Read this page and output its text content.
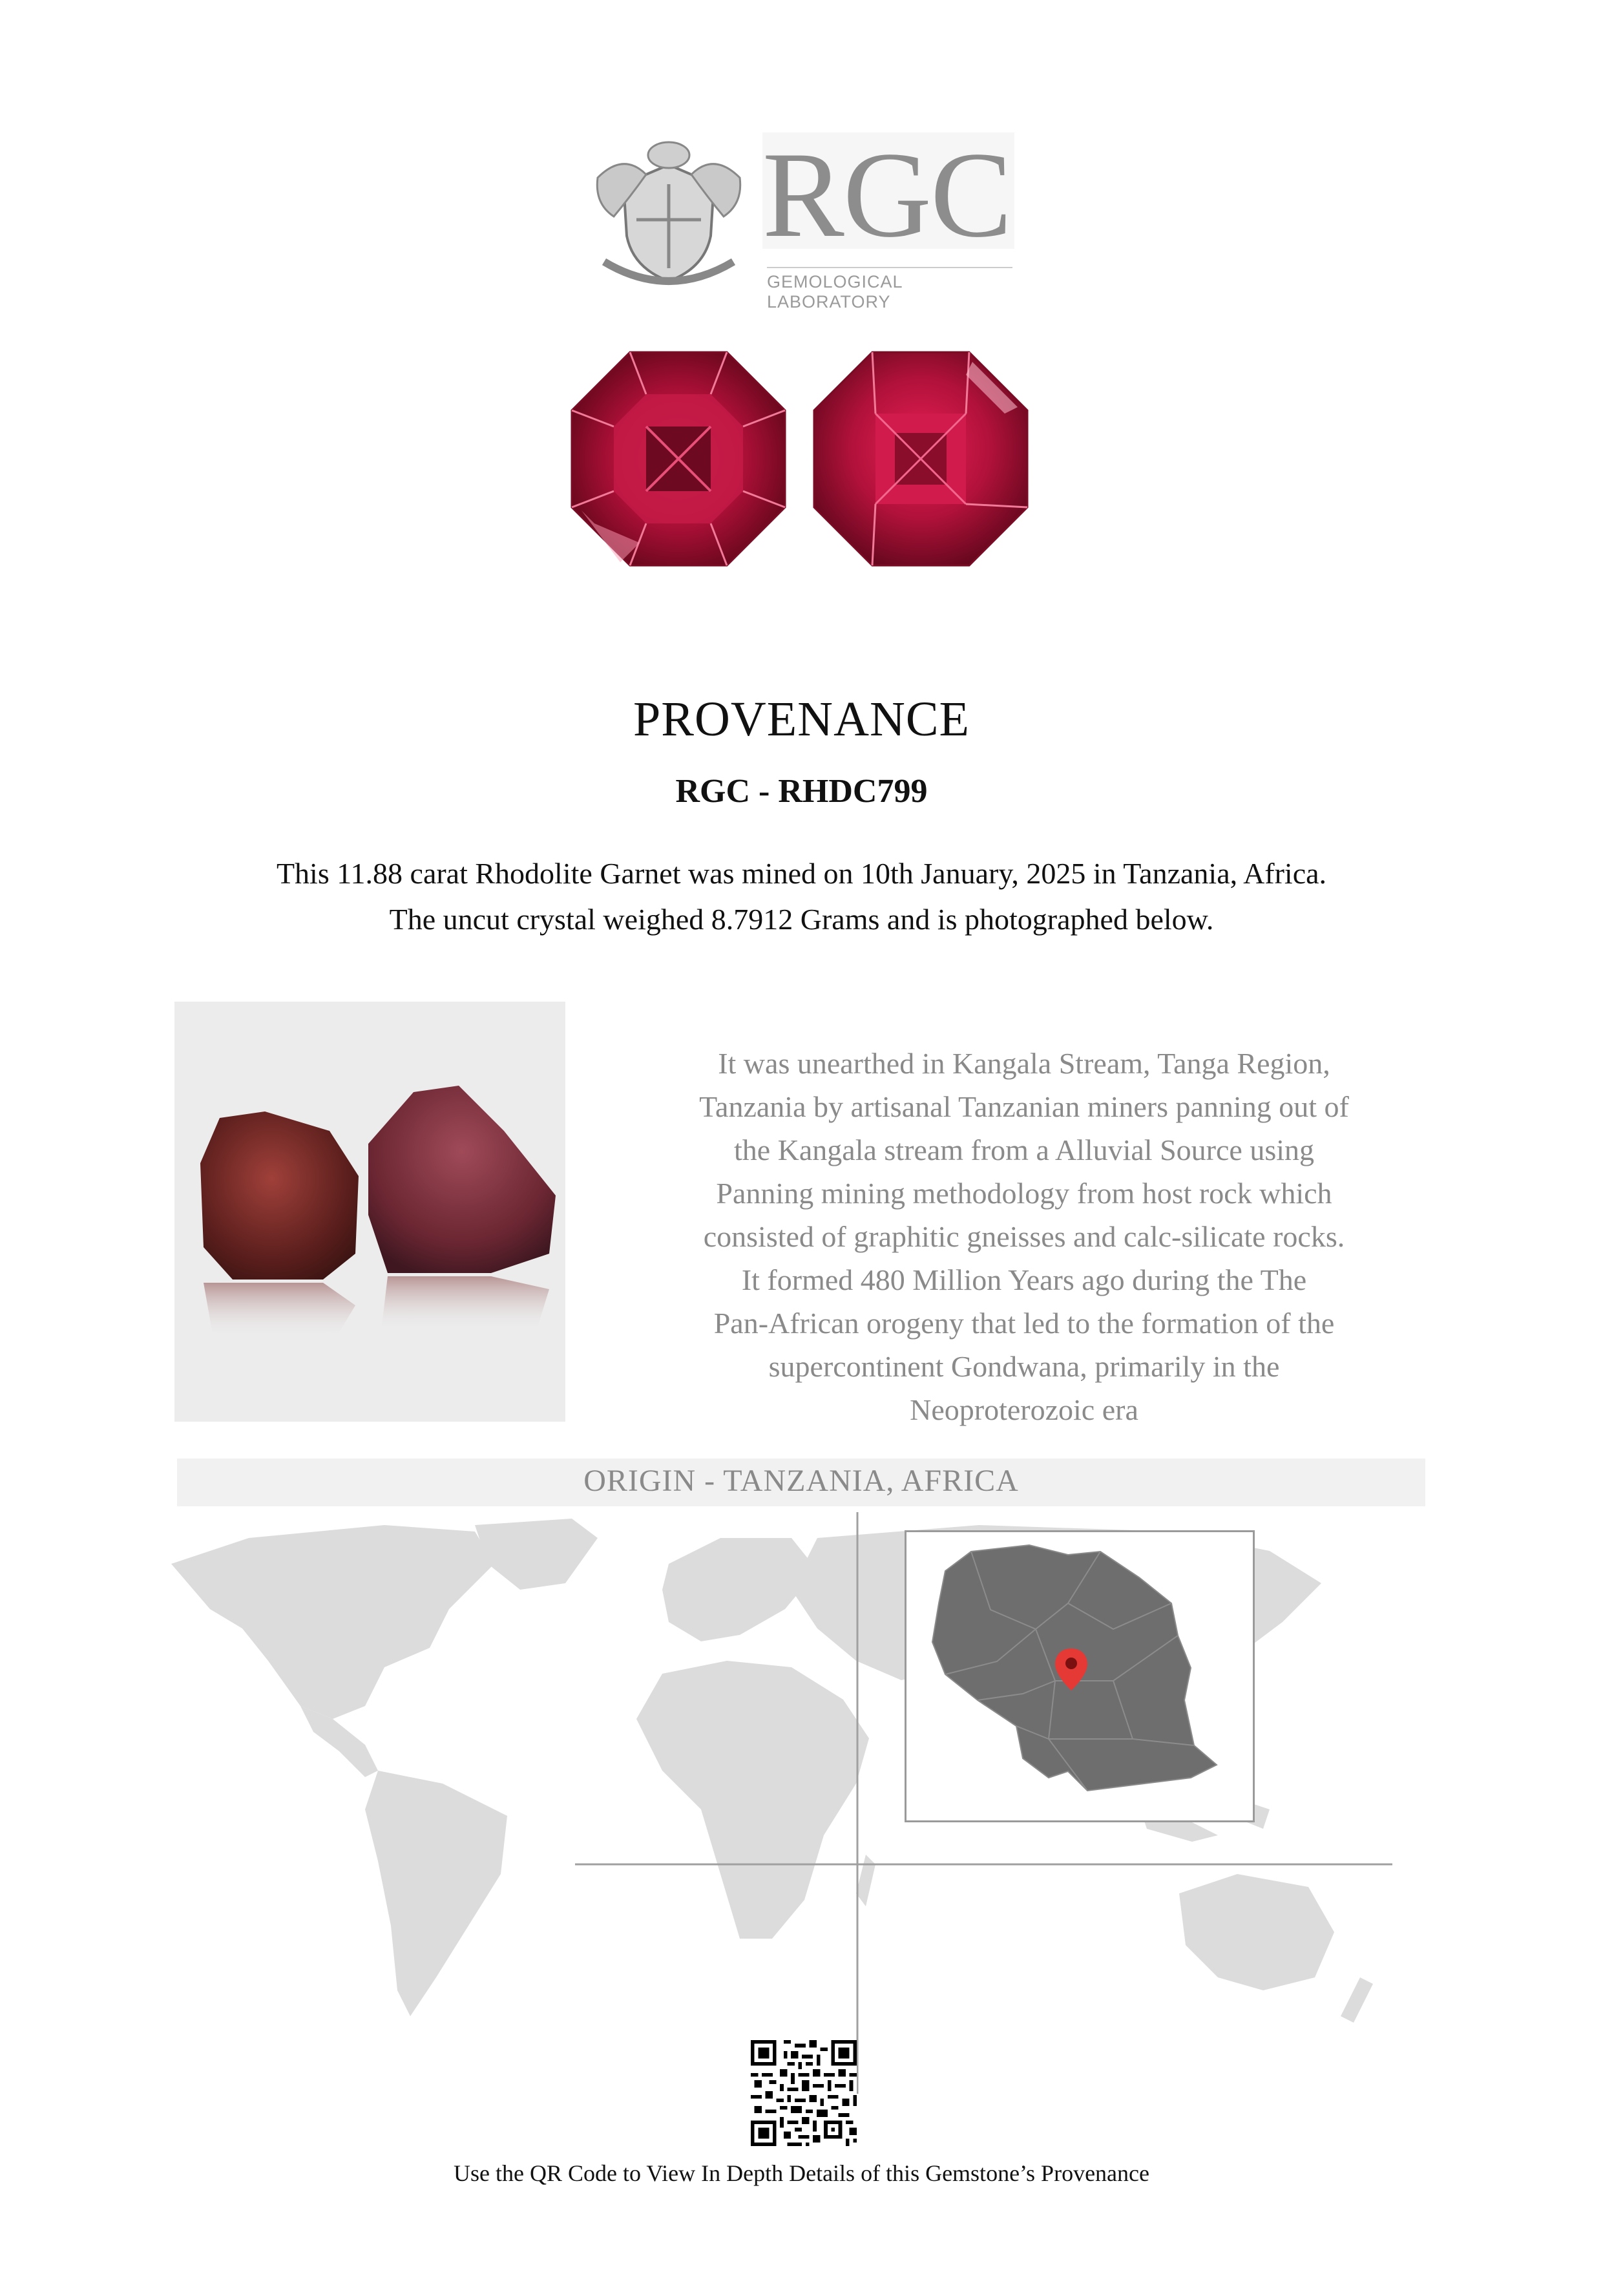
RGC
GEMOLOGICAL LABORATORY
PROVENANCE
RGC - RHDC799
This 11.88 carat Rhodolite Garnet was mined on 10th January, 2025 in Tanzania, Africa.
The uncut crystal weighed 8.7912 Grams and is photographed below.
It was unearthed in Kangala Stream, Tanga Region,
Tanzania by artisanal Tanzanian miners panning out of
the Kangala stream from a Alluvial Source using
Panning mining methodology from host rock which
consisted of graphitic gneisses and calc-silicate rocks.
It formed 480 Million Years ago during the The
Pan-African orogeny that led to the formation of the
supercontinent Gondwana, primarily in the
Neoproterozoic era
ORIGIN - TANZANIA, AFRICA
Use the QR Code to View In Depth Details of this Gemstone’s Provenance
